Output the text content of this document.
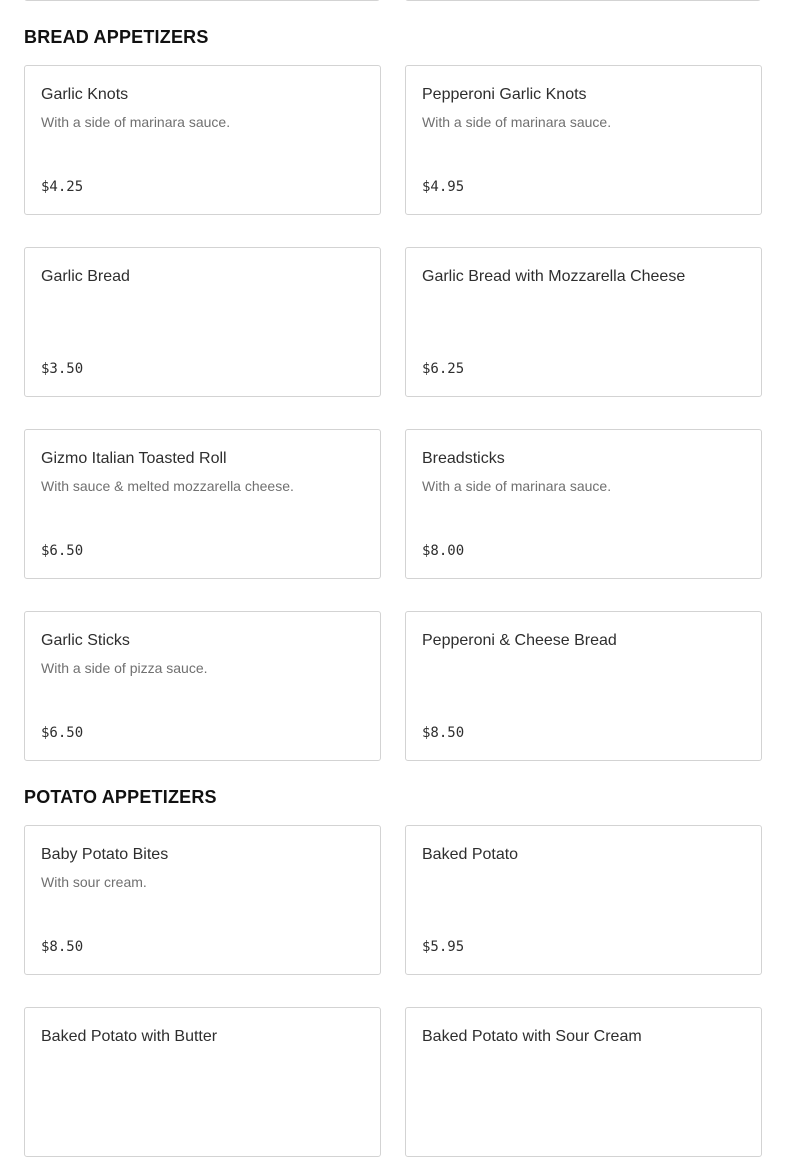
BREAD APPETIZERS
Garlic Knots
With a side of marinara sauce.
$4.25
Pepperoni Garlic Knots
With a side of marinara sauce.
$4.95
Garlic Bread
$3.50
Garlic Bread with Mozzarella Cheese
$6.25
Gizmo Italian Toasted Roll
With sauce & melted mozzarella cheese.
$6.50
Breadsticks
With a side of marinara sauce.
$8.00
Garlic Sticks
With a side of pizza sauce.
$6.50
Pepperoni & Cheese Bread
$8.50
POTATO APPETIZERS
Baby Potato Bites
With sour cream.
$8.50
Baked Potato
$5.95
Baked Potato with Butter	Baked Potato with Sour Cream
